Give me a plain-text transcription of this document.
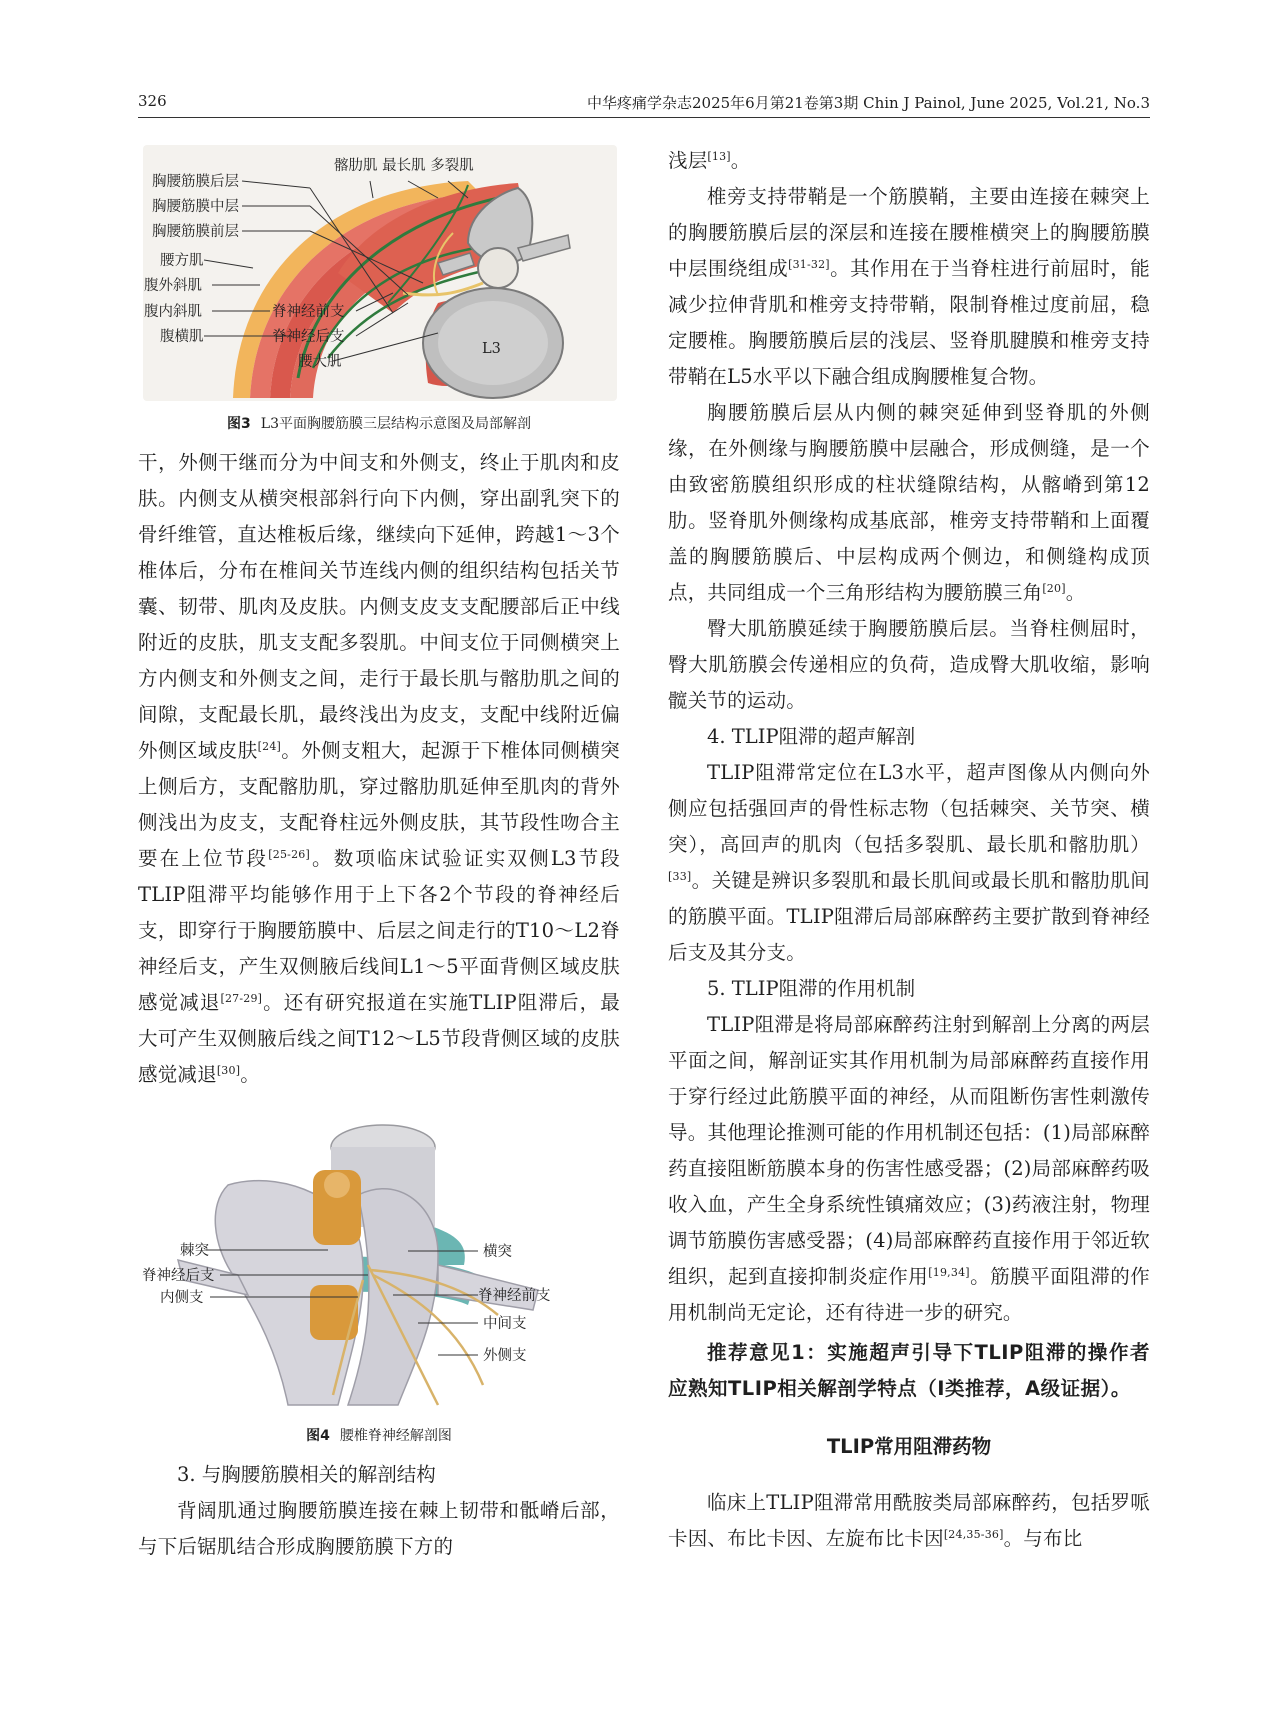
326	中华疼痛学杂志2025年6月第21卷第3期 Chin J Painol, June 2025, Vol.21, No.3
髂肋肌 最长肌 多裂肌
胸腰筋膜后层
胸腰筋膜中层
胸腰筋膜前层
腰方肌
腹外斜肌
腹内斜肌
腹横肌
脊神经前支
脊神经后支
腰大肌
L3
图3 L3平面胸腰筋膜三层结构示意图及局部解剖

干，外侧干继而分为中间支和外侧支，终止于肌肉和皮肤。内侧支从横突根部斜行向下内侧，穿出副乳突下的骨纤维管，直达椎板后缘，继续向下延伸，跨越1～3个椎体后，分布在椎间关节连线内侧的组织结构包括关节囊、韧带、肌肉及皮肤。内侧支皮支支配腰部后正中线附近的皮肤，肌支支配多裂肌。中间支位于同侧横突上方内侧支和外侧支之间，走行于最长肌与髂肋肌之间的间隙，支配最长肌，最终浅出为皮支，支配中线附近偏外侧区域皮肤[24]。外侧支粗大，起源于下椎体同侧横突上侧后方，支配髂肋肌，穿过髂肋肌延伸至肌肉的背外侧浅出为皮支，支配脊柱远外侧皮肤，其节段性吻合主要在上位节段[25-26]。数项临床试验证实双侧L3节段TLIP阻滞平均能够作用于上下各2个节段的脊神经后支，即穿行于胸腰筋膜中、后层之间走行的T10～L2脊神经后支，产生双侧腋后线间L1～5平面背侧区域皮肤感觉减退[27-29]。还有研究报道在实施TLIP阻滞后，最大可产生双侧腋后线之间T12～L5节段背侧区域的皮肤感觉减退[30]。

棘突
脊神经后支
内侧支
横突
脊神经前支
中间支
外侧支
图4 腰椎脊神经解剖图

3. 与胸腰筋膜相关的解剖结构

背阔肌通过胸腰筋膜连接在棘上韧带和骶嵴后部，与下后锯肌结合形成胸腰筋膜下方的

浅层[13]。

椎旁支持带鞘是一个筋膜鞘，主要由连接在棘突上的胸腰筋膜后层的深层和连接在腰椎横突上的胸腰筋膜中层围绕组成[31-32]。其作用在于当脊柱进行前屈时，能减少拉伸背肌和椎旁支持带鞘，限制脊椎过度前屈，稳定腰椎。胸腰筋膜后层的浅层、竖脊肌腱膜和椎旁支持带鞘在L5水平以下融合组成胸腰椎复合物。

胸腰筋膜后层从内侧的棘突延伸到竖脊肌的外侧缘，在外侧缘与胸腰筋膜中层融合，形成侧缝，是一个由致密筋膜组织形成的柱状缝隙结构，从髂嵴到第12肋。竖脊肌外侧缘构成基底部，椎旁支持带鞘和上面覆盖的胸腰筋膜后、中层构成两个侧边，和侧缝构成顶点，共同组成一个三角形结构为腰筋膜三角[20]。

臀大肌筋膜延续于胸腰筋膜后层。当脊柱侧屈时，臀大肌筋膜会传递相应的负荷，造成臀大肌收缩，影响髋关节的运动。

4. TLIP阻滞的超声解剖

TLIP阻滞常定位在L3水平，超声图像从内侧向外侧应包括强回声的骨性标志物（包括棘突、关节突、横突），高回声的肌肉（包括多裂肌、最长肌和髂肋肌）[33]。关键是辨识多裂肌和最长肌间或最长肌和髂肋肌间的筋膜平面。TLIP阻滞后局部麻醉药主要扩散到脊神经后支及其分支。

5. TLIP阻滞的作用机制

TLIP阻滞是将局部麻醉药注射到解剖上分离的两层平面之间，解剖证实其作用机制为局部麻醉药直接作用于穿行经过此筋膜平面的神经，从而阻断伤害性刺激传导。其他理论推测可能的作用机制还包括：(1)局部麻醉药直接阻断筋膜本身的伤害性感受器；(2)局部麻醉药吸收入血，产生全身系统性镇痛效应；(3)药液注射，物理调节筋膜伤害感受器；(4)局部麻醉药直接作用于邻近软组织，起到直接抑制炎症作用[19,34]。筋膜平面阻滞的作用机制尚无定论，还有待进一步的研究。

推荐意见1：实施超声引导下TLIP阻滞的操作者应熟知TLIP相关解剖学特点（Ⅰ类推荐，A级证据）。

TLIP常用阻滞药物

临床上TLIP阻滞常用酰胺类局部麻醉药，包括罗哌卡因、布比卡因、左旋布比卡因[24,35-36]。与布比
